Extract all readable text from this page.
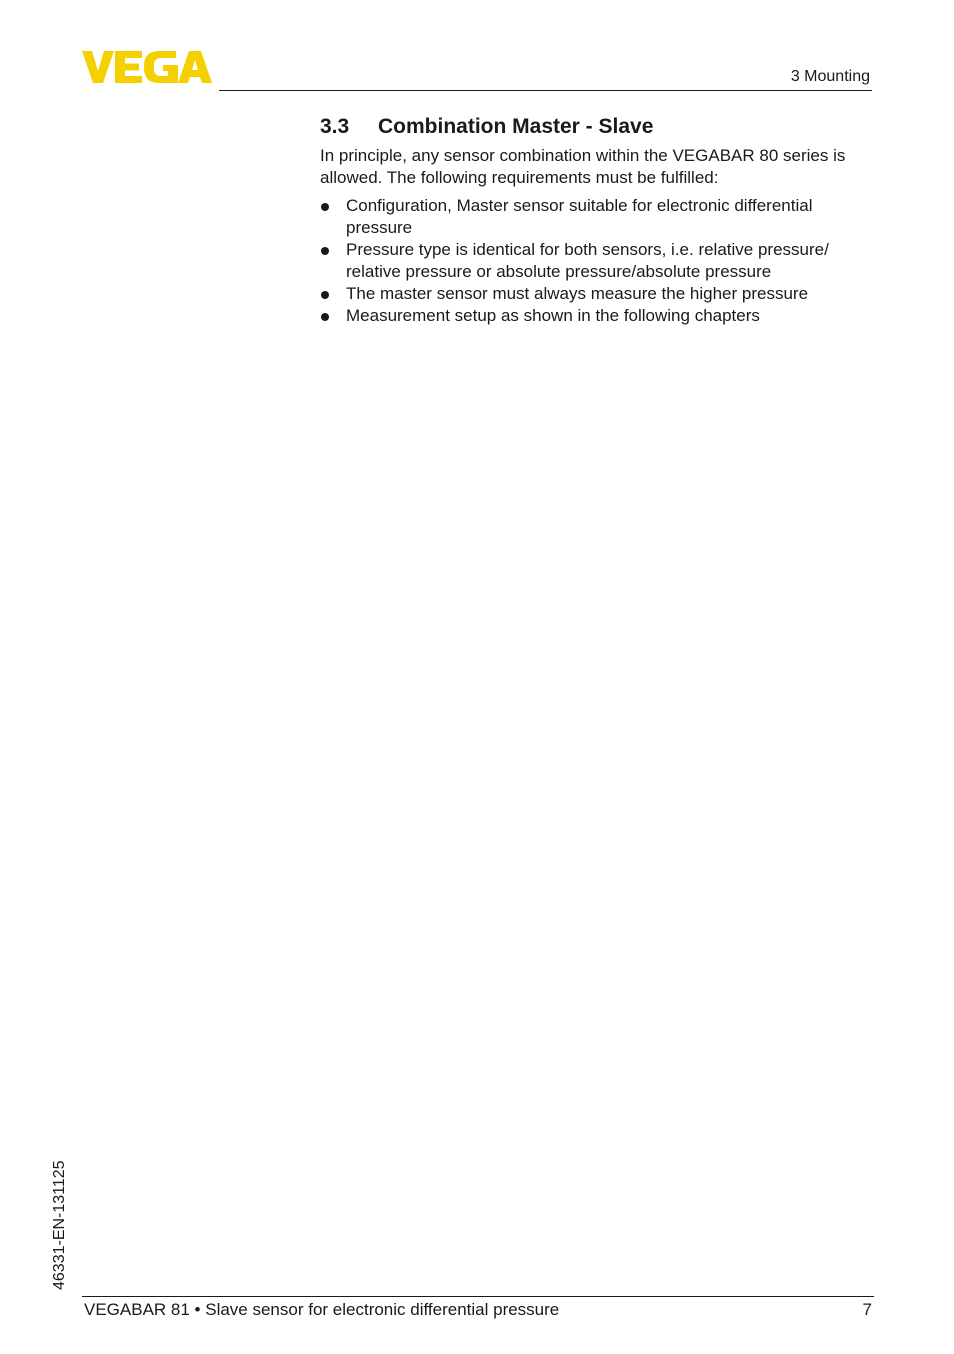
3 Mounting
3.3 Combination Master - Slave

In principle, any sensor combination within the VEGABAR 80 series is allowed. The following requirements must be fulfilled:

Configuration, Master sensor suitable for electronic differential pressure
Pressure type is identical for both sensors, i.e. relative pressure/ relative pressure or absolute pressure/absolute pressure
The master sensor must always measure the higher pressure
Measurement setup as shown in the following chapters
46331-EN-131125
VEGABAR 81 • Slave sensor for electronic differential pressure	7
